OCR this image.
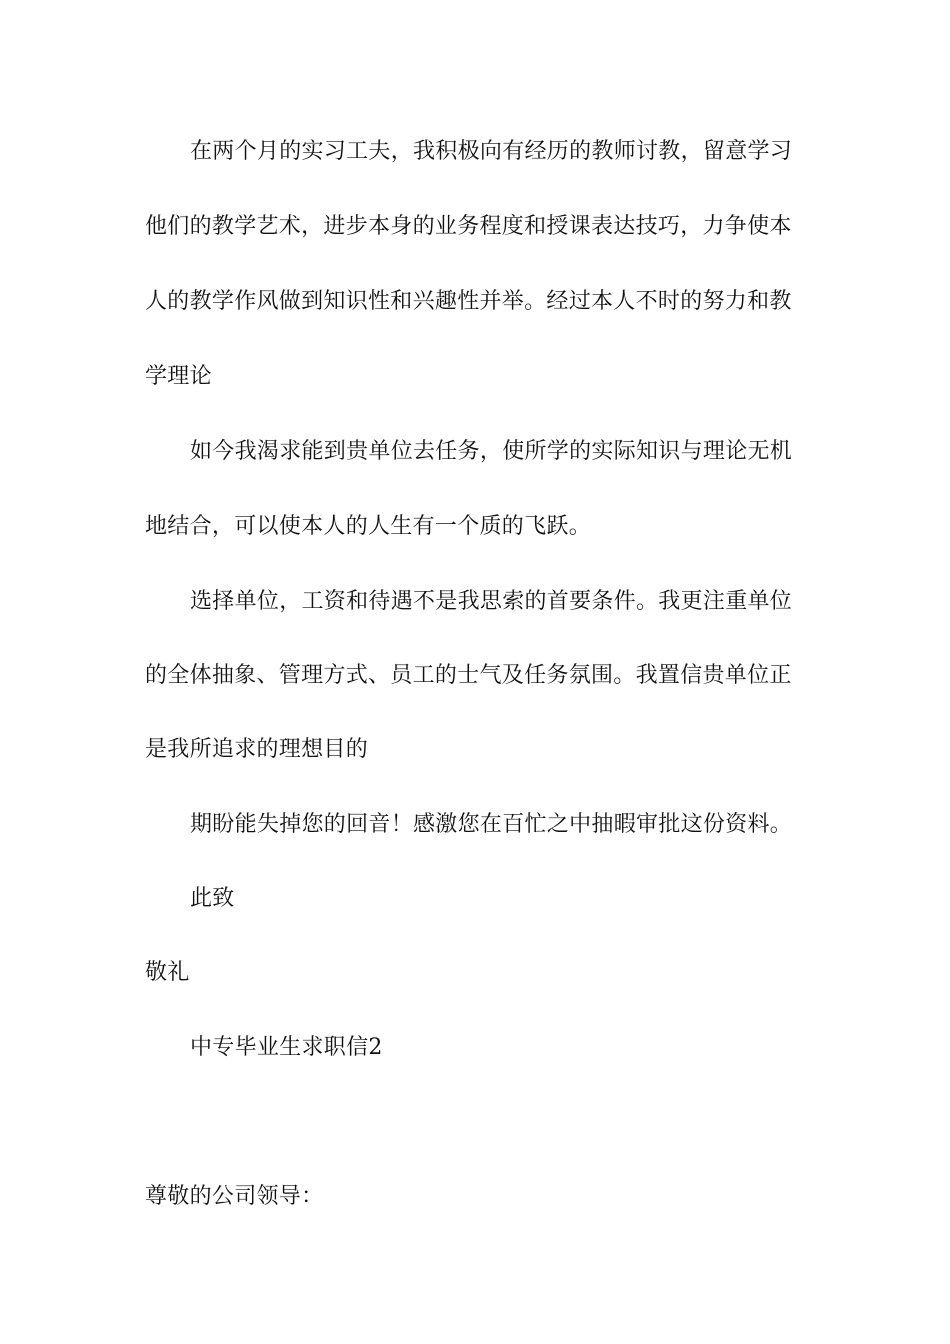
在两个月的实习工夫，我积极向有经历的教师讨教，留意学习
他们的教学艺术，进步本身的业务程度和授课表达技巧，力争使本
人的教学作风做到知识性和兴趣性并举。经过本人不时的努力和教
学理论
如今我渴求能到贵单位去任务，使所学的实际知识与理论无机
地结合，可以使本人的人生有一个质的飞跃。
选择单位，工资和待遇不是我思索的首要条件。我更注重单位
的全体抽象、管理方式、员工的士气及任务氛围。我置信贵单位正
是我所追求的理想目的
期盼能失掉您的回音！感激您在百忙之中抽暇审批这份资料。
此致
敬礼
中专毕业生求职信2
尊敬的公司领导：
